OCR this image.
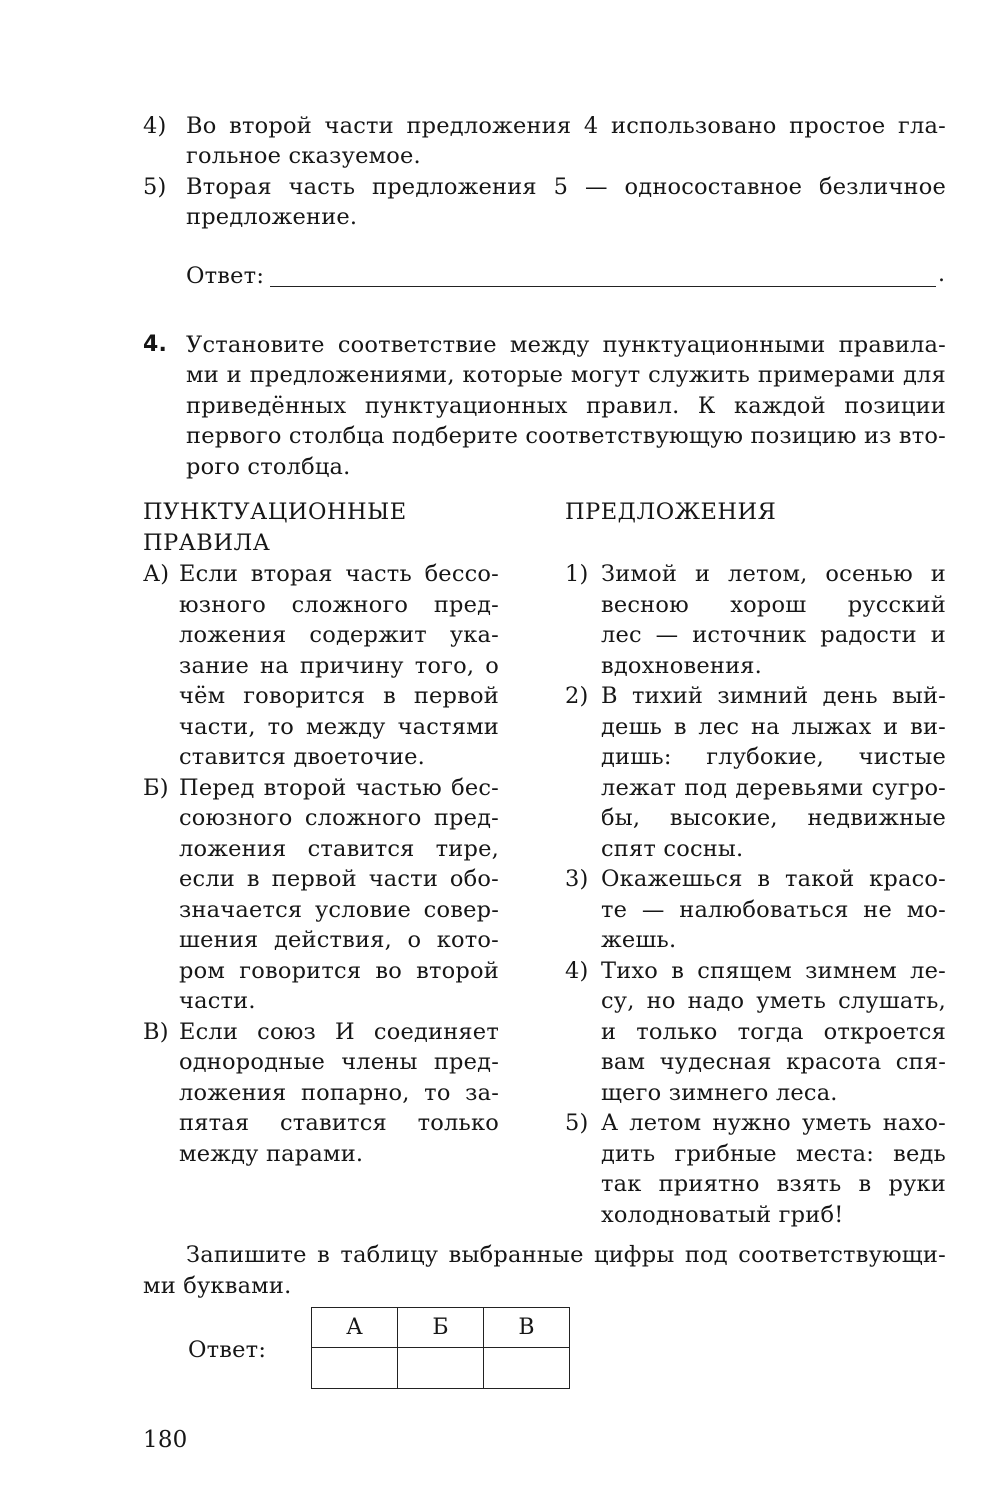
4) Во второй части предложения 4 использовано простое гла-
гольное сказуемое.
5) Вторая часть предложения 5 — односоставное безличное
предложение.
Ответ:	.
4. Установите соответствие между пунктуационными правила-
ми и предложениями, которые могут служить примерами для
приведённых пунктуационных правил. К каждой позиции
первого столбца подберите соответствующую позицию из вто-
рого столбца.
ПУНКТУАЦИОННЫЕ
ПРАВИЛА
ПРЕДЛОЖЕНИЯ
А) Если вторая часть бессо-
юзного сложного пред-
ложения содержит ука-
зание на причину того, о
чём говорится в первой
части, то между частями
ставится двоеточие.
Б) Перед второй частью бес-
союзного сложного пред-
ложения ставится тире,
если в первой части обо-
значается условие совер-
шения действия, о кото-
ром говорится во второй
части.
В) Если союз И соединяет
однородные члены пред-
ложения попарно, то за-
пятая ставится только
между парами.
1) Зимой и летом, осенью и
весною хорош русский
лес — источник радости и
вдохновения.
2) В тихий зимний день вый-
дешь в лес на лыжах и ви-
дишь: глубокие, чистые
лежат под деревьями сугро-
бы, высокие, недвижные
спят сосны.
3) Окажешься в такой красо-
те — налюбоваться не мо-
жешь.
4) Тихо в спящем зимнем ле-
су, но надо уметь слушать,
и только тогда откроется
вам чудесная красота спя-
щего зимнего леса.
5) А летом нужно уметь нахо-
дить грибные места: ведь
так приятно взять в руки
холодноватый гриб!
Запишите в таблицу выбранные цифры под соответствующи-
ми буквами.
Ответ:
А	Б	В

180
